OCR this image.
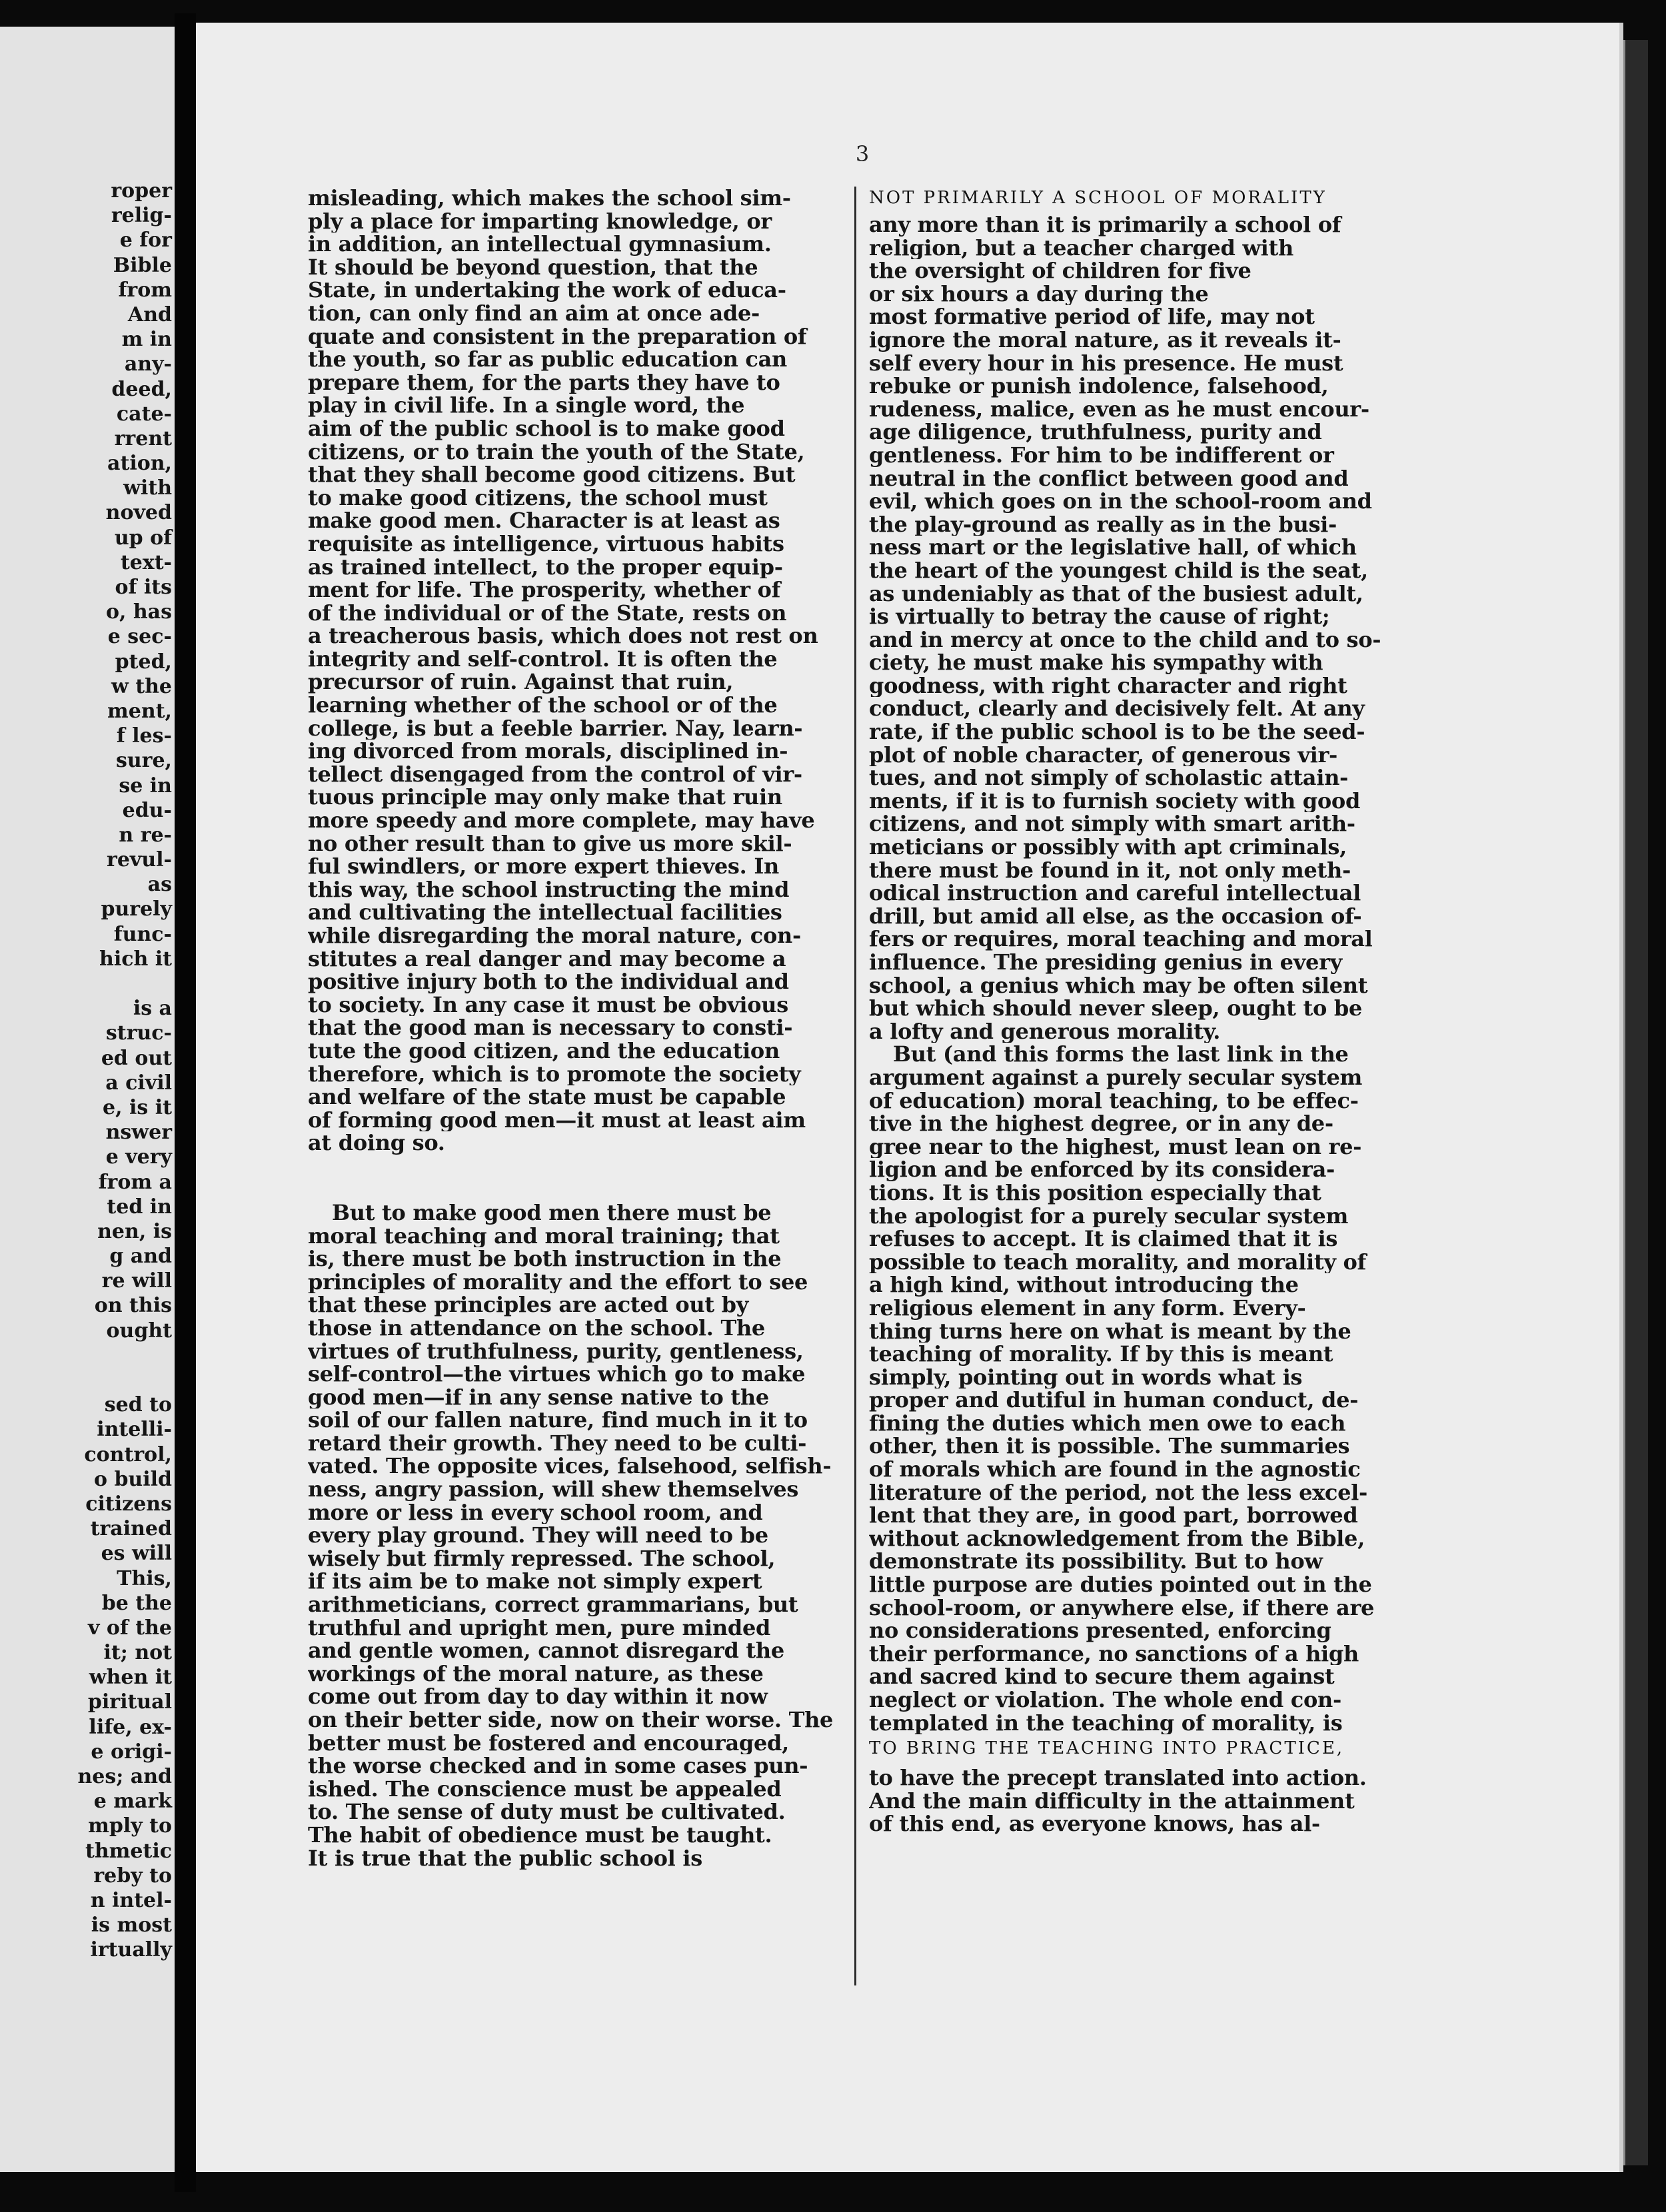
roper
relig-
e for
Bible
from
And
m in
any-
deed,
cate-
rrent
ation,
with
noved
up of
text-
of its
o, has
e sec-
pted,
w the
ment,
f les-
sure,
se in
edu-
n re-
revul-
as
purely
func-
hich it
is a
struc-
ed out
a civil
e, is it
nswer
e very
from a
ted in
nen, is
g and
re will
on this
ought
sed to
intelli-
control,
o build
citizens
trained
es will
This,
be the
v of the
it; not
when it
piritual
life, ex-
e origi-
nes; and
e mark
mply to
thmetic
reby to
n intel-
is most
irtually
3
misleading, which makes the school sim-
ply a place for imparting knowledge, or
in addition, an intellectual gymnasium.
It should be beyond question, that the
State, in undertaking the work of educa-
tion, can only find an aim at once ade-
quate and consistent in the preparation of
the youth, so far as public education can
prepare them, for the parts they have to
play in civil life. In a single word, the
aim of the public school is to make good
citizens, or to train the youth of the State,
that they shall become good citizens. But
to make good citizens, the school must
make good men. Character is at least as
requisite as intelligence, virtuous habits
as trained intellect, to the proper equip-
ment for life. The prosperity, whether of
of the individual or of the State, rests on
a treacherous basis, which does not rest on
integrity and self-control. It is often the
precursor of ruin. Against that ruin,
learning whether of the school or of the
college, is but a feeble barrier. Nay, learn-
ing divorced from morals, disciplined in-
tellect disengaged from the control of vir-
tuous principle may only make that ruin
more speedy and more complete, may have
no other result than to give us more skil-
ful swindlers, or more expert thieves. In
this way, the school instructing the mind
and cultivating the intellectual facilities
while disregarding the moral nature, con-
stitutes a real danger and may become a
positive injury both to the individual and
to society. In any case it must be obvious
that the good man is necessary to consti-
tute the good citizen, and the education
therefore, which is to promote the society
and welfare of the state must be capable
of forming good men—it must at least aim
at doing so.
But to make good men there must be
moral teaching and moral training; that
is, there must be both instruction in the
principles of morality and the effort to see
that these principles are acted out by
those in attendance on the school. The
virtues of truthfulness, purity, gentleness,
self-control—the virtues which go to make
good men—if in any sense native to the
soil of our fallen nature, find much in it to
retard their growth. They need to be culti-
vated. The opposite vices, falsehood, selfish-
ness, angry passion, will shew themselves
more or less in every school room, and
every play ground. They will need to be
wisely but firmly repressed. The school,
if its aim be to make not simply expert
arithmeticians, correct grammarians, but
truthful and upright men, pure minded
and gentle women, cannot disregard the
workings of the moral nature, as these
come out from day to day within it now
on their better side, now on their worse. The
better must be fostered and encouraged,
the worse checked and in some cases pun-
ished. The conscience must be appealed
to. The sense of duty must be cultivated.
The habit of obedience must be taught.
It is true that the public school is
NOT PRIMARILY A SCHOOL OF MORALITY
any more than it is primarily a school of
religion, but a teacher charged with
the oversight of children for five
or six hours a day during the
most formative period of life, may not
ignore the moral nature, as it reveals it-
self every hour in his presence. He must
rebuke or punish indolence, falsehood,
rudeness, malice, even as he must encour-
age diligence, truthfulness, purity and
gentleness. For him to be indifferent or
neutral in the conflict between good and
evil, which goes on in the school-room and
the play-ground as really as in the busi-
ness mart or the legislative hall, of which
the heart of the youngest child is the seat,
as undeniably as that of the busiest adult,
is virtually to betray the cause of right;
and in mercy at once to the child and to so-
ciety, he must make his sympathy with
goodness, with right character and right
conduct, clearly and decisively felt. At any
rate, if the public school is to be the seed-
plot of noble character, of generous vir-
tues, and not simply of scholastic attain-
ments, if it is to furnish society with good
citizens, and not simply with smart arith-
meticians or possibly with apt criminals,
there must be found in it, not only meth-
odical instruction and careful intellectual
drill, but amid all else, as the occasion of-
fers or requires, moral teaching and moral
influence. The presiding genius in every
school, a genius which may be often silent
but which should never sleep, ought to be
a lofty and generous morality.
But (and this forms the last link in the
argument against a purely secular system
of education) moral teaching, to be effec-
tive in the highest degree, or in any de-
gree near to the highest, must lean on re-
ligion and be enforced by its considera-
tions. It is this position especially that
the apologist for a purely secular system
refuses to accept. It is claimed that it is
possible to teach morality, and morality of
a high kind, without introducing the
religious element in any form. Every-
thing turns here on what is meant by the
teaching of morality. If by this is meant
simply, pointing out in words what is
proper and dutiful in human conduct, de-
fining the duties which men owe to each
other, then it is possible. The summaries
of morals which are found in the agnostic
literature of the period, not the less excel-
lent that they are, in good part, borrowed
without acknowledgement from the Bible,
demonstrate its possibility. But to how
little purpose are duties pointed out in the
school-room, or anywhere else, if there are
no considerations presented, enforcing
their performance, no sanctions of a high
and sacred kind to secure them against
neglect or violation. The whole end con-
templated in the teaching of morality, is
TO BRING THE TEACHING INTO PRACTICE,
to have the precept translated into action.
And the main difficulty in the attainment
of this end, as everyone knows, has al-
